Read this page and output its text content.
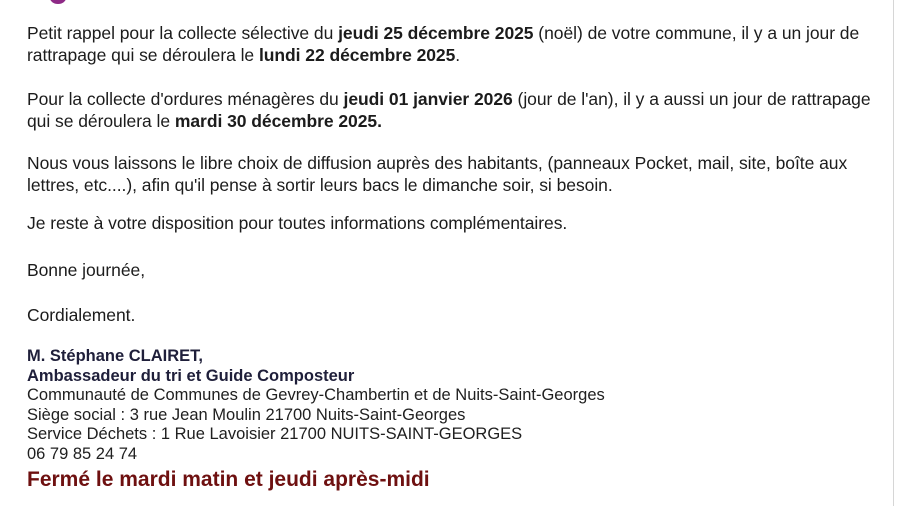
Petit rappel pour la collecte sélective du jeudi 25 décembre 2025 (noël) de votre commune, il y a un jour de rattrapage qui se déroulera le lundi 22 décembre 2025.

Pour la collecte d'ordures ménagères du jeudi 01 janvier 2026 (jour de l'an), il y a aussi un jour de rattrapage qui se déroulera le mardi 30 décembre 2025.

Nous vous laissons le libre choix de diffusion auprès des habitants, (panneaux Pocket, mail, site, boîte aux lettres, etc....), afin qu'il pense à sortir leurs bacs le dimanche soir, si besoin.

Je reste à votre disposition pour toutes informations complémentaires.

Bonne journée,

Cordialement.

M. Stéphane CLAIRET,
Ambassadeur du tri et Guide Composteur
Communauté de Communes de Gevrey-Chambertin et de Nuits-Saint-Georges
Siège social : 3 rue Jean Moulin 21700 Nuits-Saint-Georges
Service Déchets : 1 Rue Lavoisier 21700 NUITS-SAINT-GEORGES
06 79 85 24 74
Fermé le mardi matin et jeudi après-midi
